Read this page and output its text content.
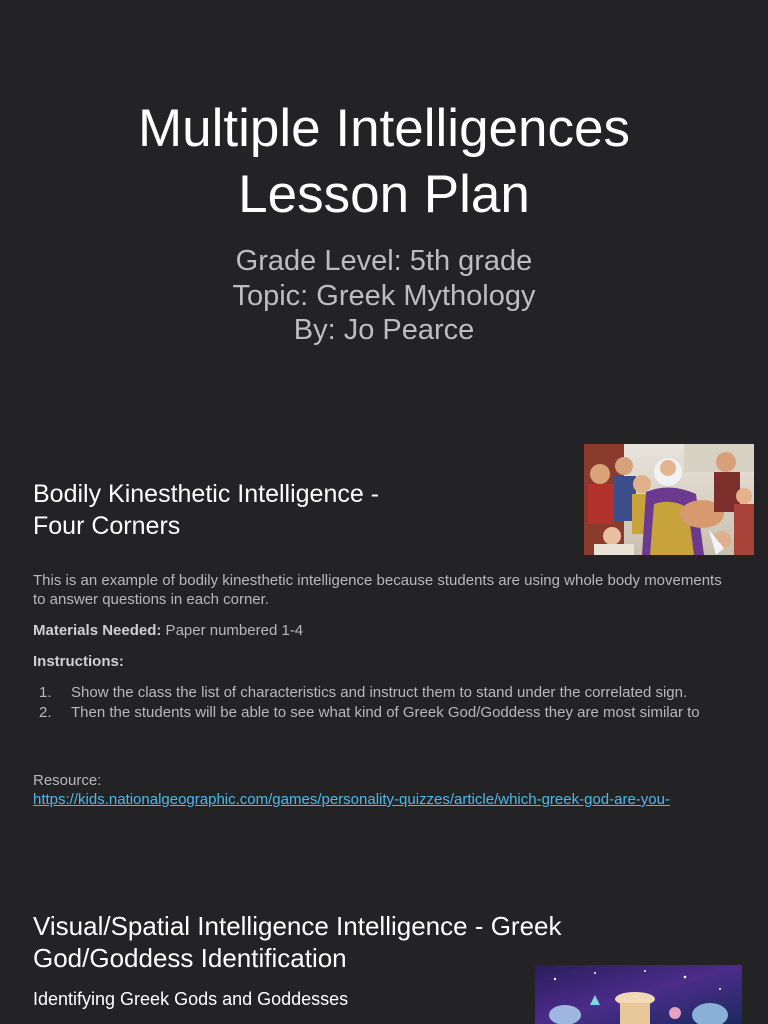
Multiple Intelligences
Lesson Plan
Grade Level: 5th grade
Topic: Greek Mythology
By: Jo Pearce
Bodily Kinesthetic Intelligence -
Four Corners
This is an example of bodily kinesthetic intelligence because students are using whole body movements to answer questions in each corner.
Materials Needed: Paper numbered 1-4
Instructions:
1. Show the class the list of characteristics and instruct them to stand under the correlated sign.
2. Then the students will be able to see what kind of Greek God/Goddess they are most similar to
Resource:
https://kids.nationalgeographic.com/games/personality-quizzes/article/which-greek-god-are-you-
Visual/Spatial Intelligence Intelligence - Greek
God/Goddess Identification
Identifying Greek Gods and Goddesses
